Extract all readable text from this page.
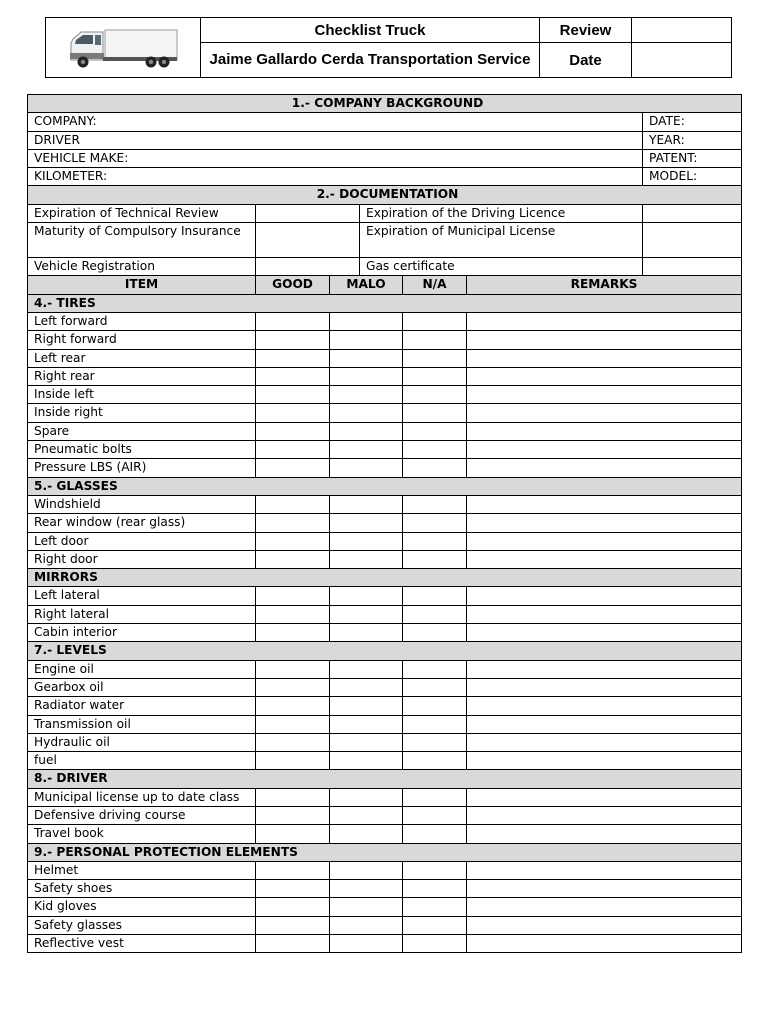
	Checklist Truck	Review	
	Jaime Gallardo Cerda Transportation Service	Date	
1.- COMPANY BACKGROUND						
COMPANY:						DATE:
DRIVER						YEAR:
VEHICLE MAKE:						PATENT:
KILOMETER:						MODEL:
2.- DOCUMENTATION						
Expiration of Technical Review			Expiration of the Driving Licence			
Maturity of Compulsory Insurance			Expiration of Municipal License			
Vehicle Registration			Gas certificate			
ITEM	GOOD	MALO		N/A	REMARKS	
4.- TIRES						
Left forward						
Right forward						
Left rear						
Right rear						
Inside left						
Inside right						
Spare						
Pneumatic bolts						
Pressure LBS (AIR)						
5.- GLASSES						
Windshield						
Rear window (rear glass)						
Left door						
Right door						
MIRRORS						
Left lateral						
Right lateral						
Cabin interior						
7.- LEVELS						
Engine oil						
Gearbox oil						
Radiator water						
Transmission oil						
Hydraulic oil						
fuel						
8.- DRIVER						
Municipal license up to date class						
Defensive driving course						
Travel book						
9.- PERSONAL PROTECTION ELEMENTS						
Helmet						
Safety shoes						
Kid gloves						
Safety glasses						
Reflective vest						
